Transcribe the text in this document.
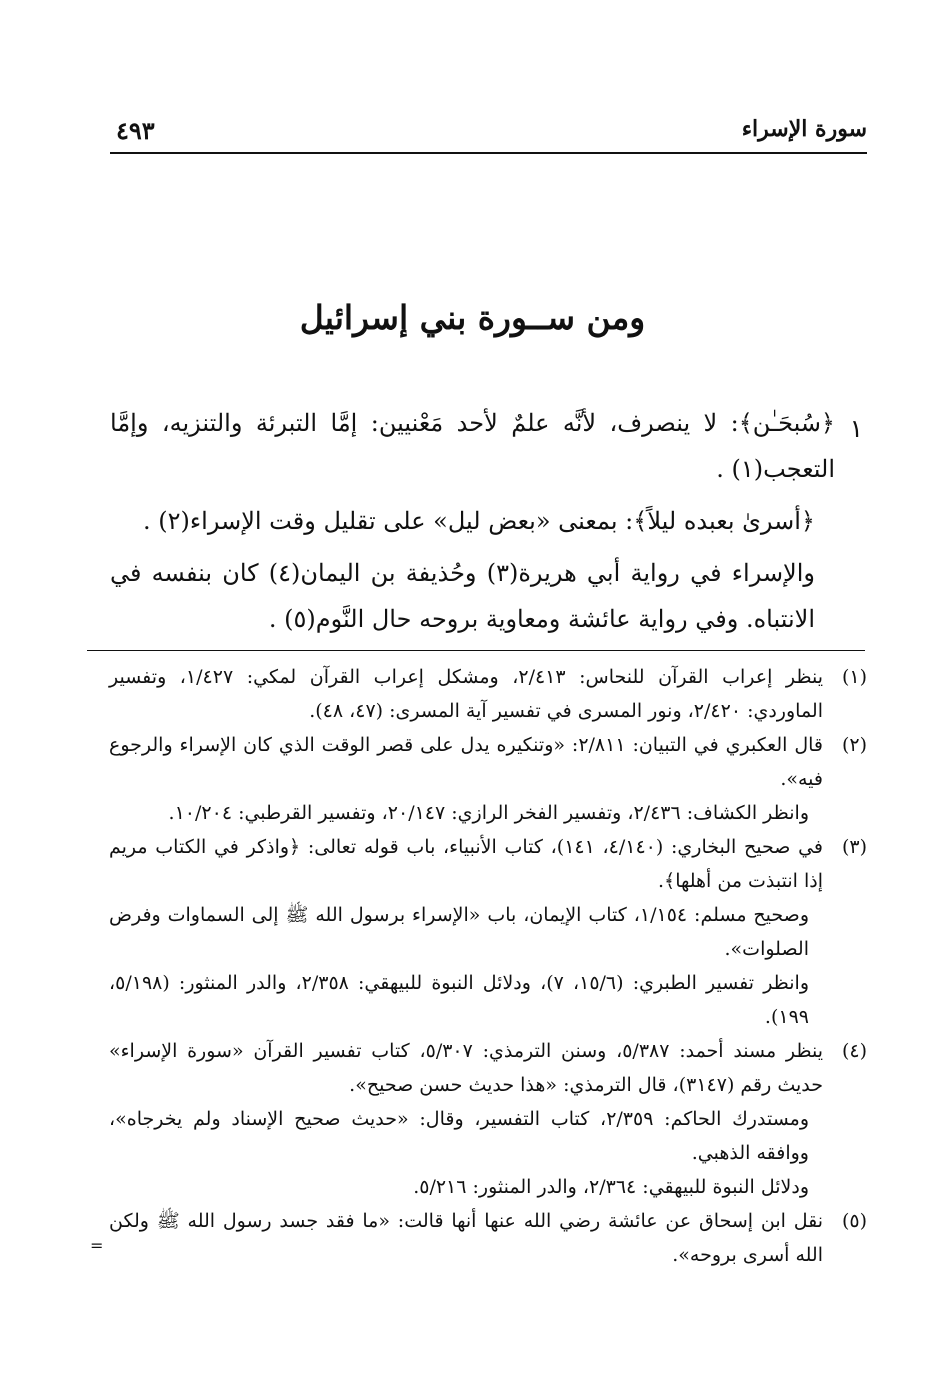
سورة الإسراء
٤٩٣
ومن ســورة بني إسرائيل
١
﴿سُبحَـٰن﴾: لا ينصرف، لأنَّه علمٌ لأحد مَعْنيين: إمَّا التبرئة والتنزيه، وإمَّا التعجب(١) .
﴿أسرىٰ بعبده ليلاً﴾: بمعنى «بعض ليل» على تقليل وقت الإسراء(٢) .
والإسراء في رواية أبي هريرة(٣) وحُذيفة بن اليمان(٤) كان بنفسه في الانتباه. وفي رواية عائشة ومعاوية بروحه حال النَّوم(٥) .
(١)
ينظر إعراب القرآن للنحاس: ٢/٤١٣، ومشكل إعراب القرآن لمكي: ١/٤٢٧، وتفسير الماوردي: ٢/٤٢٠، ونور المسرى في تفسير آية المسرى: (٤٧، ٤٨).
(٢)
قال العكبري في التبيان: ٢/٨١١: «وتنكيره يدل على قصر الوقت الذي كان الإسراء والرجوع فيه».
وانظر الكشاف: ٢/٤٣٦، وتفسير الفخر الرازي: ٢٠/١٤٧، وتفسير القرطبي: ١٠/٢٠٤.
(٣)
في صحيح البخاري: (٤/١٤٠، ١٤١)، كتاب الأنبياء، باب قوله تعالى: ﴿واذكر في الكتاب مريم إذا انتبذت من أهلها﴾.
وصحيح مسلم: ١/١٥٤، كتاب الإيمان، باب «الإسراء برسول الله ﷺ إلى السماوات وفرض الصلوات».
وانظر تفسير الطبري: (١٥/٦، ٧)، ودلائل النبوة للبيهقي: ٢/٣٥٨، والدر المنثور: (٥/١٩٨، ١٩٩).
(٤)
ينظر مسند أحمد: ٥/٣٨٧، وسنن الترمذي: ٥/٣٠٧، كتاب تفسير القرآن «سورة الإسراء» حديث رقم (٣١٤٧)، قال الترمذي: «هذا حديث حسن صحيح».
ومستدرك الحاكم: ٢/٣٥٩، كتاب التفسير، وقال: «حديث صحيح الإسناد ولم يخرجاه»، ووافقه الذهبي.
ودلائل النبوة للبيهقي: ٢/٣٦٤، والدر المنثور: ٥/٢١٦.
(٥)
نقل ابن إسحاق عن عائشة رضي الله عنها أنها قالت: «ما فقد جسد رسول الله ﷺ ولكن الله أسرى بروحه».
=
